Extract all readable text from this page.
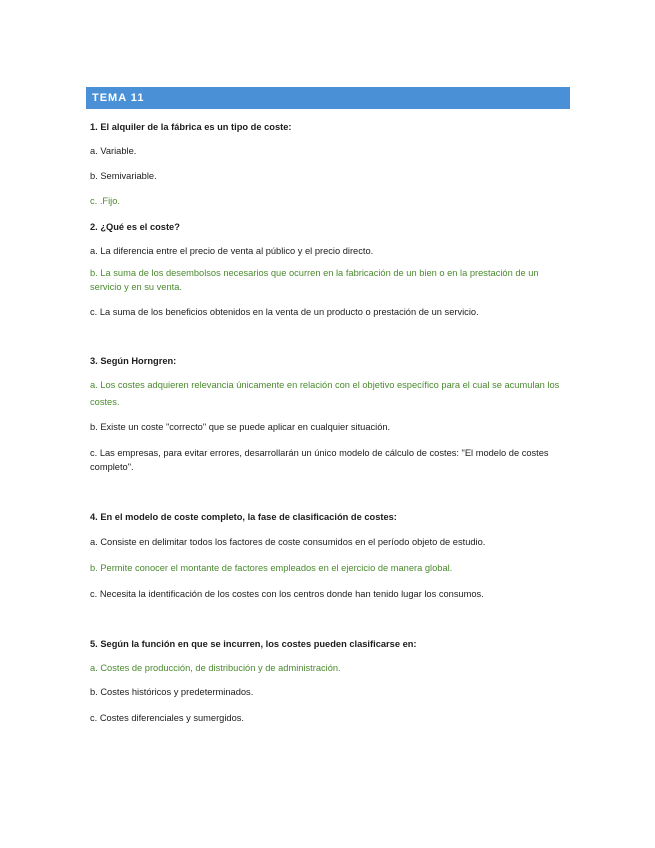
TEMA 11
1. El alquiler de la fábrica es un tipo de coste:
a. Variable.
b. Semivariable.
c. .Fijo.
2. ¿Qué es el coste?
a. La diferencia entre el precio de venta al público y el precio directo.
b. La suma de los desembolsos necesarios que ocurren en la fabricación de un bien o en la prestación de un servicio y en su venta.
c. La suma de los beneficios obtenidos en la venta de un producto o prestación de un servicio.
3. Según Horngren:
a. Los costes adquieren relevancia únicamente en relación con el objetivo específico para el cual se acumulan los costes.
b. Existe un coste "correcto" que se puede aplicar en cualquier situación.
c. Las empresas, para evitar errores, desarrollarán un único modelo de cálculo de costes: "El modelo de costes completo".
4. En el modelo de coste completo, la fase de clasificación de costes:
a. Consiste en delimitar todos los factores de coste consumidos en el período objeto de estudio.
b. Permite conocer el montante de factores empleados en el ejercicio de manera global.
c. Necesita la identificación de los costes con los centros donde han tenido lugar los consumos.
5. Según la función en que se incurren, los costes pueden clasificarse en:
a. Costes de producción, de distribución y de administración.
b. Costes históricos y predeterminados.
c. Costes diferenciales y sumergidos.
